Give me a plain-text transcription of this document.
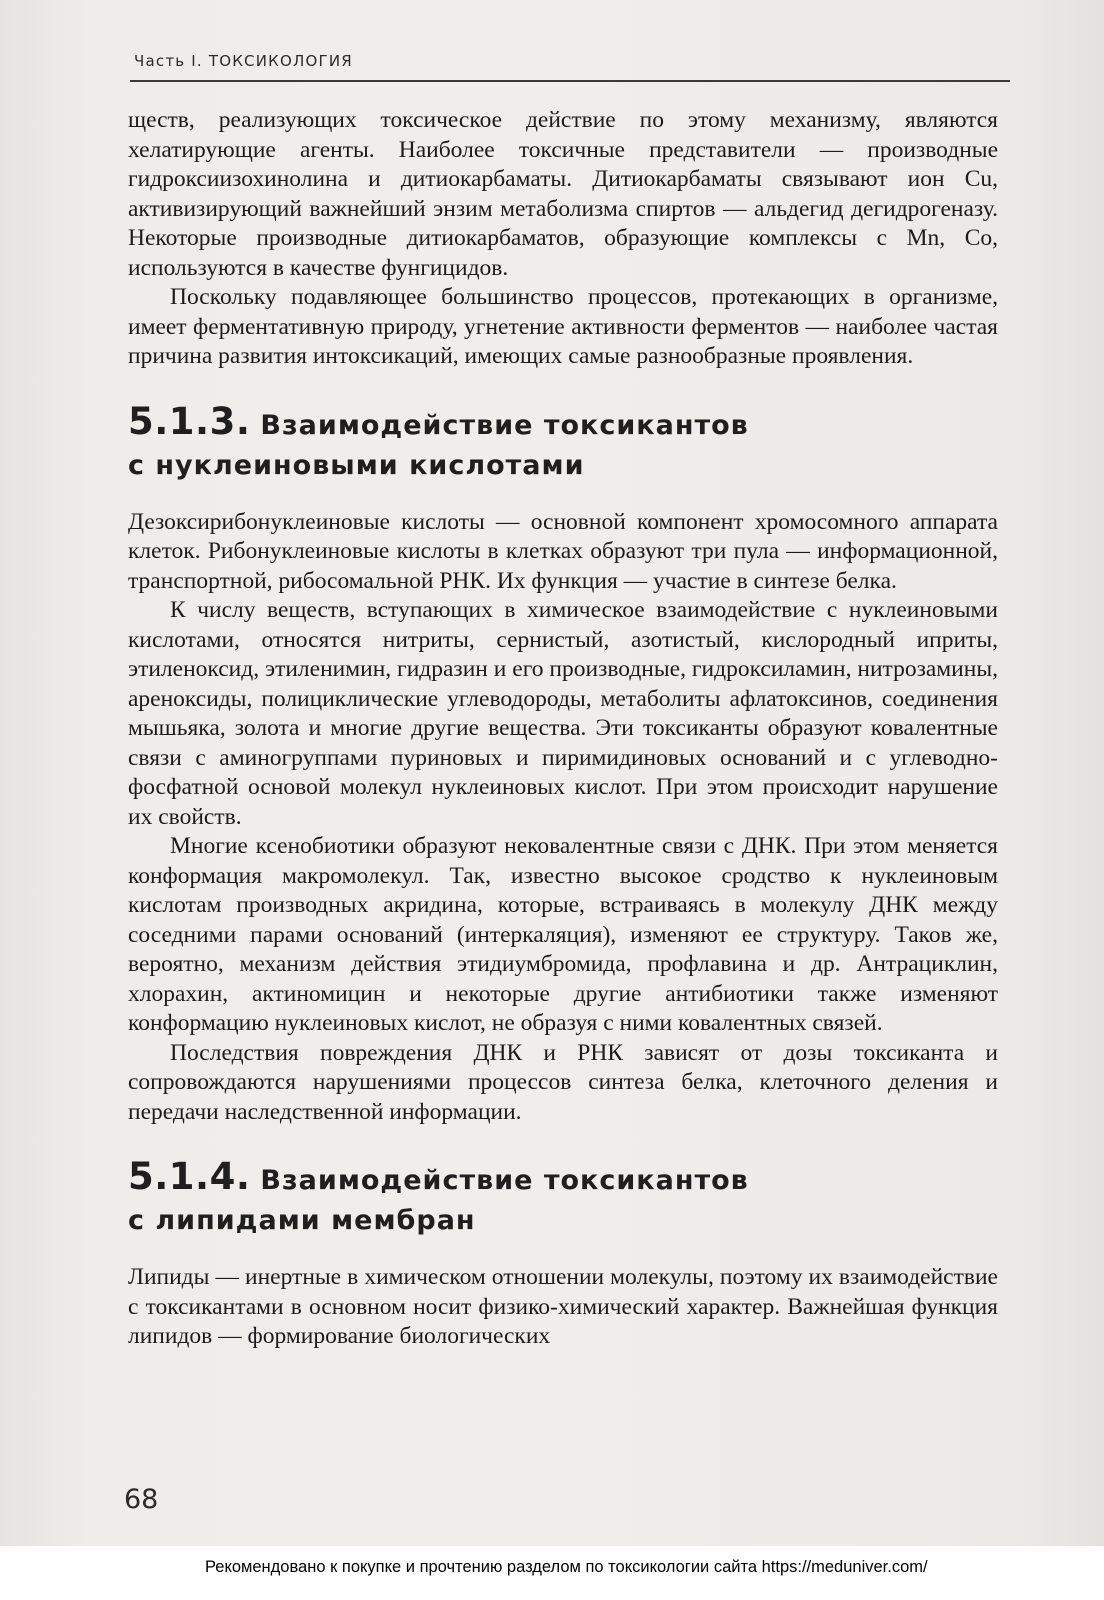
Часть I. ТОКСИКОЛОГИЯ

ществ, реализующих токсическое действие по этому механизму, являются хелатирующие агенты. Наиболее токсичные представители — производные гидроксиизохинолина и дитиокарбаматы. Дитиокарбаматы связывают ион Cu, активизирующий важнейший энзим метаболизма спиртов — альдегид дегидрогеназу. Некоторые производные дитиокарбаматов, образующие комплексы с Mn, Co, используются в качестве фунгицидов.

Поскольку подавляющее большинство процессов, протекающих в организме, имеет ферментативную природу, угнетение активности ферментов — наиболее частая причина развития интоксикаций, имеющих самые разнообразные проявления.

5.1.3. Взаимодействие токсикантов
с нуклеиновыми кислотами

Дезоксирибонуклеиновые кислоты — основной компонент хромосомного аппарата клеток. Рибонуклеиновые кислоты в клетках образуют три пула — информационной, транспортной, рибосомальной РНК. Их функция — участие в синтезе белка.

К числу веществ, вступающих в химическое взаимодействие с нуклеиновыми кислотами, относятся нитриты, сернистый, азотистый, кислородный иприты, этиленоксид, этиленимин, гидразин и его производные, гидроксиламин, нитрозамины, ареноксиды, полициклические углеводороды, метаболиты афлатоксинов, соединения мышьяка, золота и многие другие вещества. Эти токсиканты образуют ковалентные связи с аминогруппами пуриновых и пиримидиновых оснований и с углеводно-фосфатной основой молекул нуклеиновых кислот. При этом происходит нарушение их свойств.

Многие ксенобиотики образуют нековалентные связи с ДНК. При этом меняется конформация макромолекул. Так, известно высокое сродство к нуклеиновым кислотам производных акридина, которые, встраиваясь в молекулу ДНК между соседними парами оснований (интеркаляция), изменяют ее структуру. Таков же, вероятно, механизм действия этидиумбромида, профлавина и др. Антрациклин, хлорахин, актиномицин и некоторые другие антибиотики также изменяют конформацию нуклеиновых кислот, не образуя с ними ковалентных связей.

Последствия повреждения ДНК и РНК зависят от дозы токсиканта и сопровождаются нарушениями процессов синтеза белка, клеточного деления и передачи наследственной информации.

5.1.4. Взаимодействие токсикантов
с липидами мембран

Липиды — инертные в химическом отношении молекулы, поэтому их взаимодействие с токсикантами в основном носит физико-химический характер. Важнейшая функция липидов — формирование биологических

68
Рекомендовано к покупке и прочтению разделом по токсикологии сайта https://meduniver.com/
